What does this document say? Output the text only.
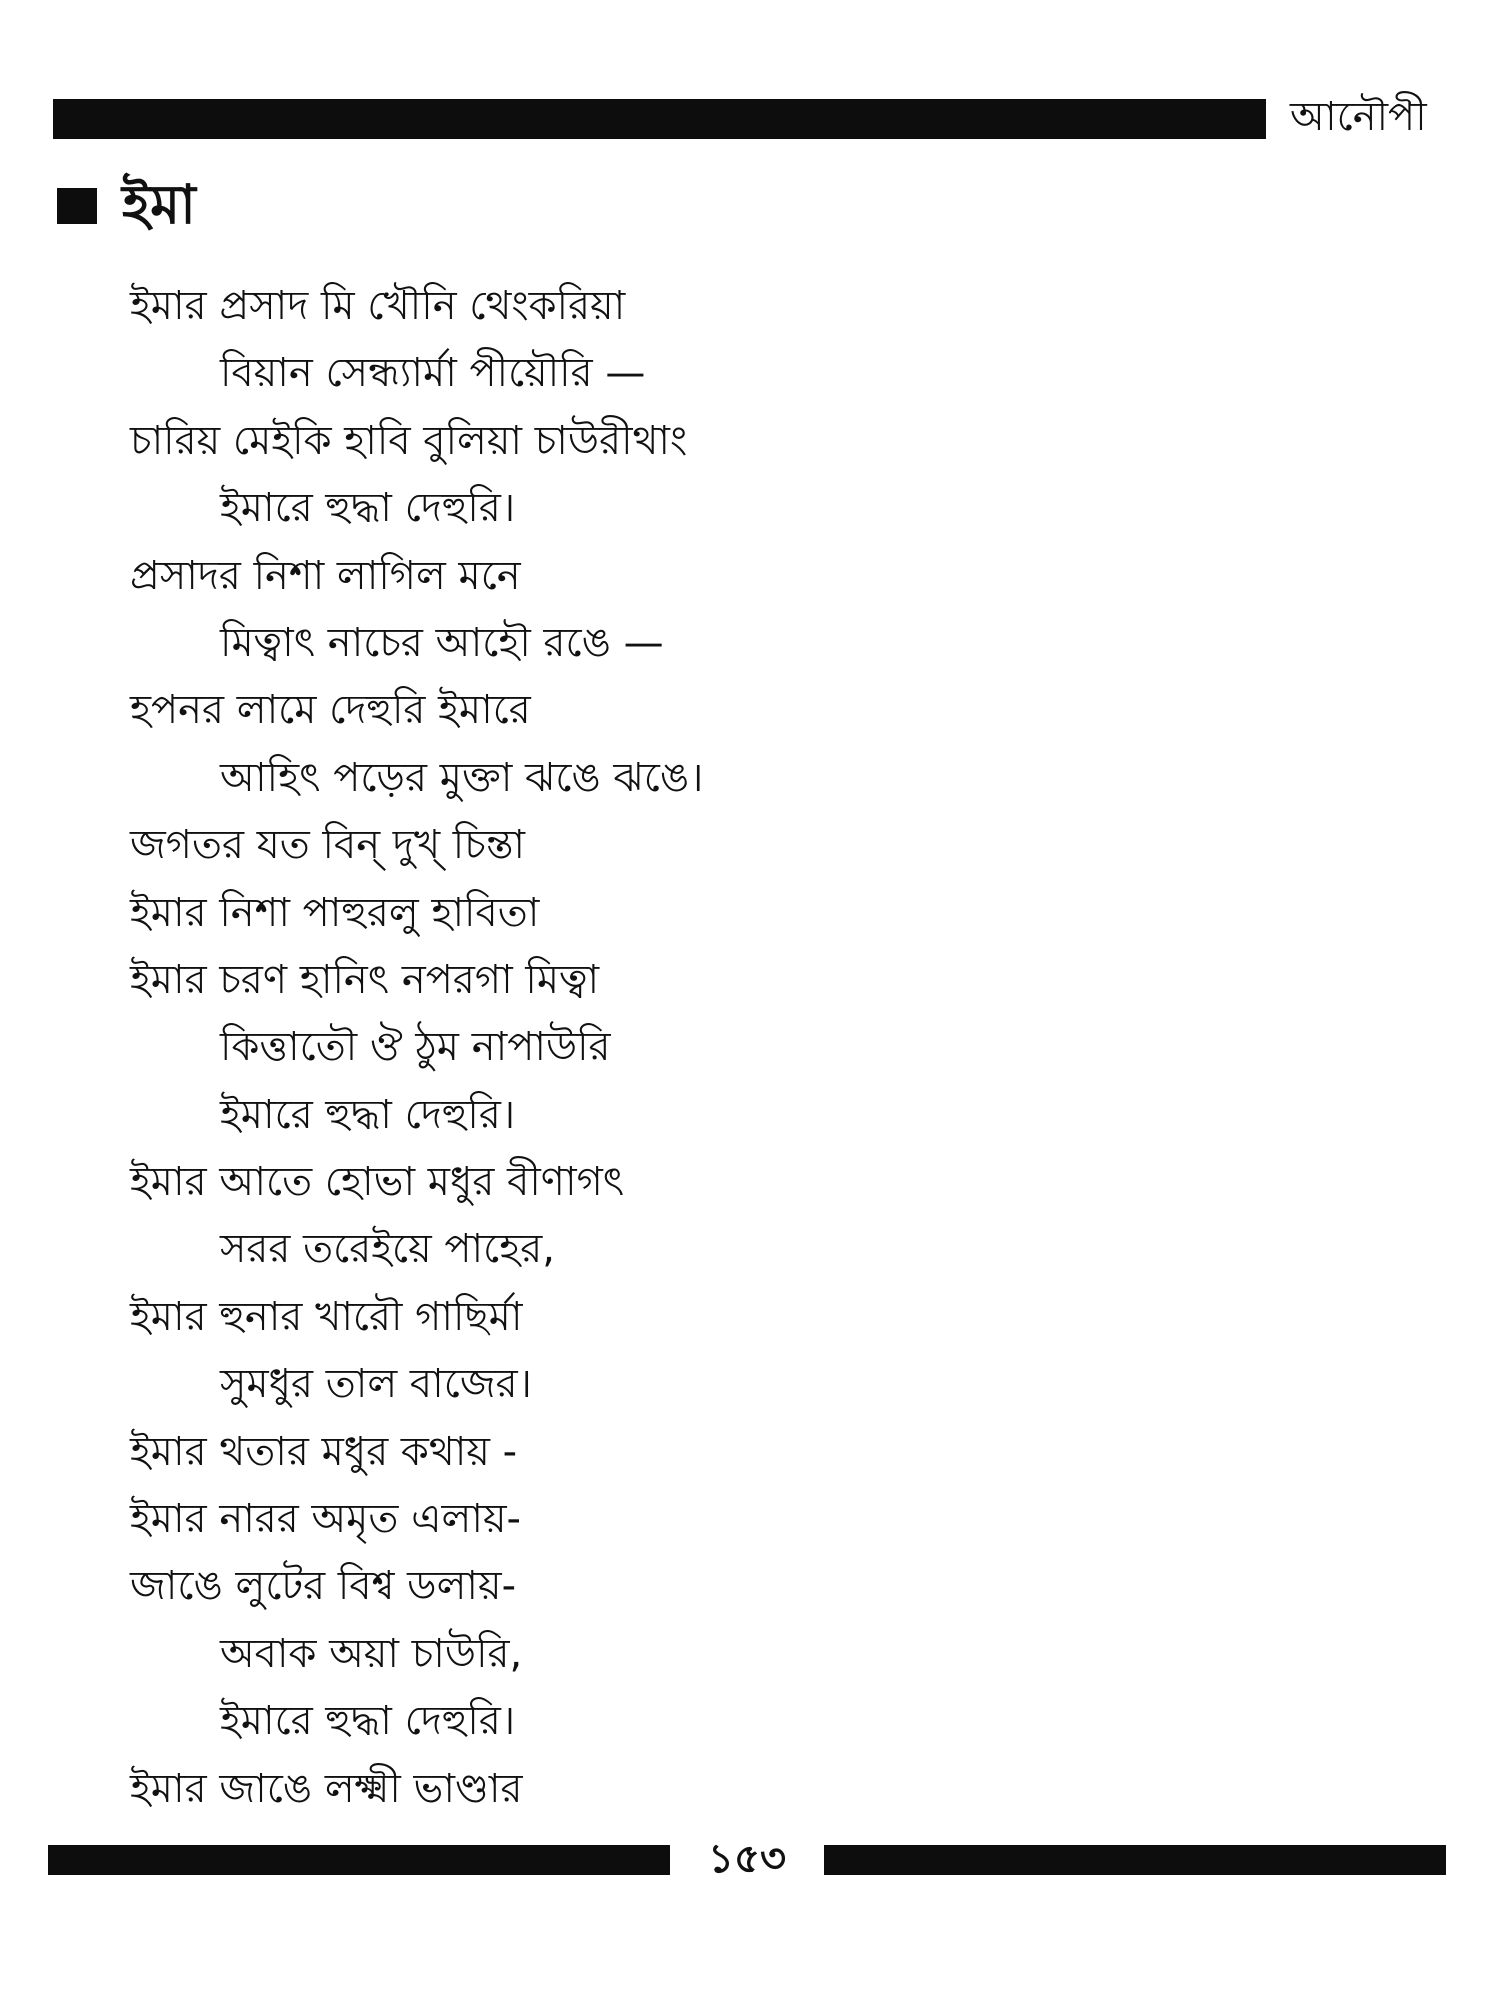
আনৌপী
ইমা
ইমার প্রসাদ মি খৌনি থেংকরিয়া
বিয়ান সেন্ধ্যার্মা পীয়ৌরি —
চারিয় মেইকি হাবি বুলিয়া চাউরীথাং
ইমারে হুদ্ধা দেহুরি।
প্রসাদর নিশা লাগিল মনে
মিত্বাৎ নাচের আহৌ রঙে —
হপনর লামে দেহুরি ইমারে
আহিৎ পড়ের মুক্তা ঝঙে ঝঙে।
জগতর যত বিন্ দুখ্ চিন্তা
ইমার নিশা পাহুরলু হাবিতা
ইমার চরণ হানিৎ নপরগা মিত্বা
কিত্তাতৌ ঔ ঠুম নাপাউরি
ইমারে হুদ্ধা দেহুরি।
ইমার আতে হোভা মধুর বীণাগৎ
সরর তরেইয়ে পাহের,
ইমার হুনার খারৌ গাছির্মা
সুমধুর তাল বাজের।
ইমার থতার মধুর কথায় -
ইমার নারর অমৃত এলায়-
জাঙে লুটের বিশ্ব ডলায়-
অবাক অয়া চাউরি,
ইমারে হুদ্ধা দেহুরি।
ইমার জাঙে লক্ষ্মী ভাণ্ডার
১৫৩
